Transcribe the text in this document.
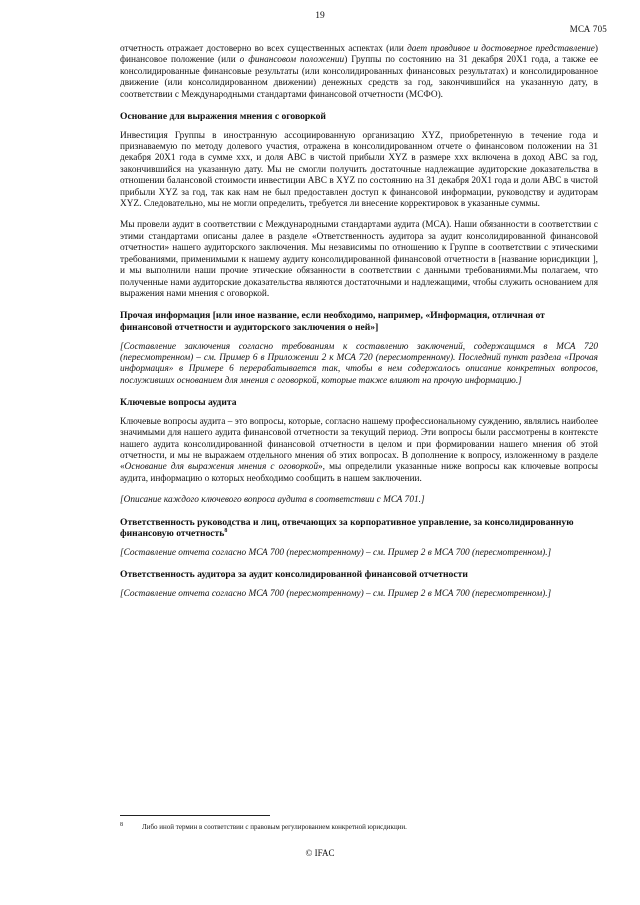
19
МСА 705

отчетность отражает достоверно во всех существенных аспектах (или дает правдивое и достоверное представление) финансовое положение (или о финансовом положении) Группы по состоянию на 31 декабря 20X1 года, а также ее консолидированные финансовые результаты (или консолидированных финансовых результатах) и консолидированное движение (или консолидированном движении) денежных средств за год, закончившийся на указанную дату, в соответствии с Международными стандартами финансовой отчетности (МСФО).

Основание для выражения мнения с оговоркой

Инвестиция Группы в иностранную ассоциированную организацию XYZ, приобретенную в течение года и признаваемую по методу долевого участия, отражена в консолидированном отчете о финансовом положении на 31 декабря 20X1 года в сумме xxx, и доля ABC в чистой прибыли XYZ в размере xxx включена в доход ABC за год, закончившийся на указанную дату. Мы не смогли получить достаточные надлежащие аудиторские доказательства в отношении балансовой стоимости инвестиции ABC в XYZ по состоянию на 31 декабря 20X1 года и доли ABC в чистой прибыли XYZ за год, так как нам не был предоставлен доступ к финансовой информации, руководству и аудиторам XYZ. Следовательно, мы не могли определить, требуется ли внесение корректировок в указанные суммы.

Мы провели аудит в соответствии с Международными стандартами аудита (МСА). Наши обязанности в соответствии с этими стандартами описаны далее в разделе «Ответственность аудитора за аудит консолидированной финансовой отчетности» нашего аудиторского заключения. Мы независимы по отношению к Группе в соответствии с этическими требованиями, применимыми к нашему аудиту консолидированной финансовой отчетности в [название юрисдикции ], и мы выполнили наши прочие этические обязанности в соответствии с данными требованиями.Мы полагаем, что полученные нами аудиторские доказательства являются достаточными и надлежащими, чтобы служить основанием для выражения нами мнения с оговоркой.

Прочая информация [или иное название, если необходимо, например, «Информация, отличная от финансовой отчетности и аудиторского заключения о ней»]

[Составление заключения согласно требованиям к составлению заключений, содержащимся в МСА 720 (пересмотренном) – см. Пример 6 в Приложении 2 к МСА 720 (пересмотренному). Последний пункт раздела «Прочая информация» в Примере 6 перерабатывается так, чтобы в нем содержалось описание конкретных вопросов, послуживших основанием для мнения с оговоркой, которые также влияют на прочую информацию.]

Ключевые вопросы аудита

Ключевые вопросы аудита – это вопросы, которые, согласно нашему профессиональному суждению, являлись наиболее значимыми для нашего аудита финансовой отчетности за текущий период. Эти вопросы были рассмотрены в контексте нашего аудита консолидированной финансовой отчетности в целом и при формировании нашего мнения об этой отчетности, и мы не выражаем отдельного мнения об этих вопросах. В дополнение к вопросу, изложенному в разделе «Основание для выражения мнения с оговоркой», мы определили указанные ниже вопросы как ключевые вопросы аудита, информацию о которых необходимо сообщить в нашем заключении.

[Описание каждого ключевого вопроса аудита в соответствии с МСА 701.]

Ответственность руководства и лиц, отвечающих за корпоративное управление, за консолидированную финансовую отчетность$^8$

[Составление отчета согласно МСА 700 (пересмотренному) – см. Пример 2 в МСА 700 (пересмотренном).]

Ответственность аудитора за аудит консолидированной финансовой отчетности

[Составление отчета согласно МСА 700 (пересмотренному) – см. Пример 2 в МСА 700 (пересмотренном).]

8	Либо иной термин в соответствии с правовым регулированием конкретной юрисдикции.
© IFAC
